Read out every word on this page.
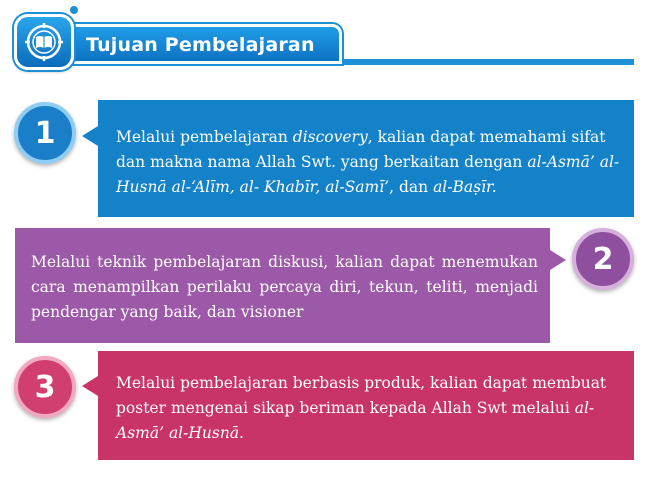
Tujuan Pembelajaran

Melalui pembelajaran discovery, kalian dapat memahami sifat dan makna nama Allah Swt. yang berkaitan dengan al-Asmā’ al-Husnā al-‘Alīm, al- Khabīr, al-Samī’, dan al-Baṣīr.

1

Melalui teknik pembelajaran diskusi, kalian dapat menemukan cara menampilkan perilaku percaya diri, tekun, teliti, menjadi pendengar yang baik, dan visioner

2

Melalui pembelajaran berbasis produk, kalian dapat membuat poster mengenai sikap beriman kepada Allah Swt melalui al-Asmā’ al-Husnā.

3
